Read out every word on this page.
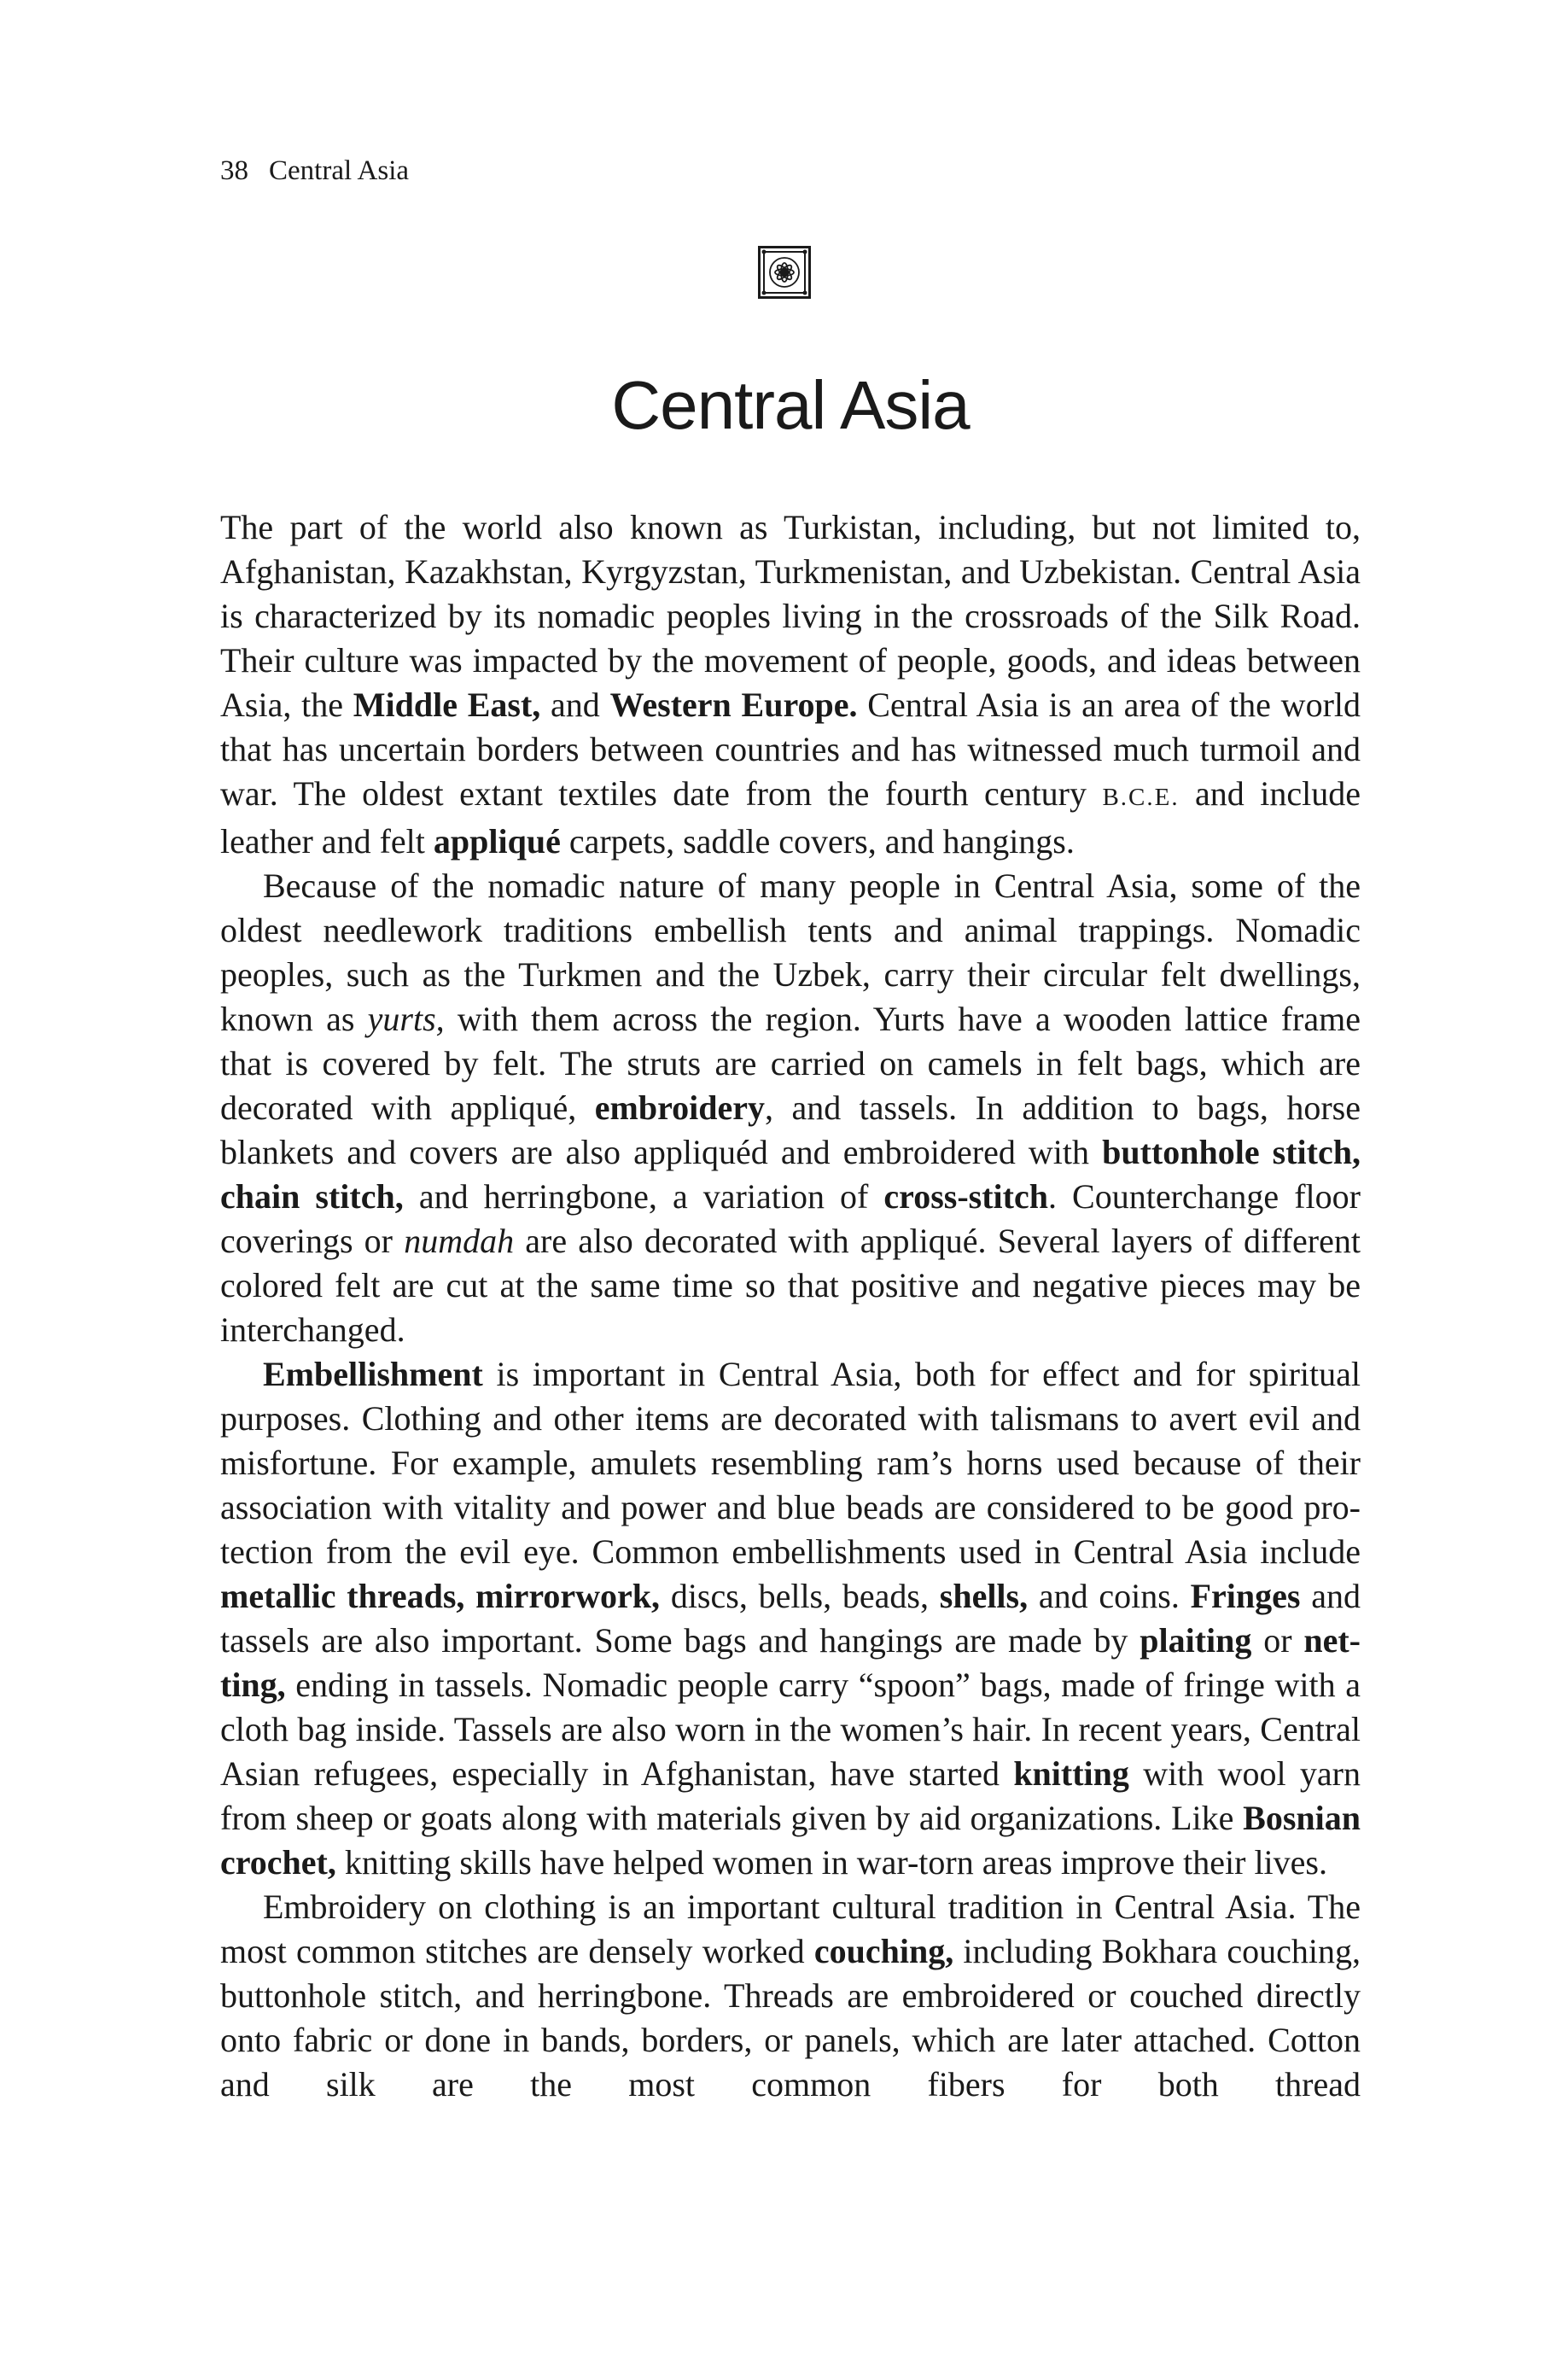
38 Central Asia
Central Asia

The part of the world also known as Turkistan, including, but not limited to, Afghanistan, Kazakhstan, Kyrgyzstan, Turkmenistan, and Uzbekistan. Central Asia is characterized by its nomadic peoples living in the crossroads of the Silk Road. Their culture was impacted by the movement of people, goods, and ideas between Asia, the Middle East, and Western Europe. Central Asia is an area of the world that has uncertain borders between countries and has witnessed much turmoil and war. The oldest extant textiles date from the fourth century B.C.E. and include leather and felt appliqué carpets, saddle covers, and hangings.

Because of the nomadic nature of many people in Central Asia, some of the oldest needlework traditions embellish tents and animal trappings. Nomadic peoples, such as the Turkmen and the Uzbek, carry their circular felt dwellings, known as yurts, with them across the region. Yurts have a wooden lattice frame that is covered by felt. The struts are carried on camels in felt bags, which are decorated with appliqué, embroidery, and tassels. In addition to bags, horse blankets and covers are also appliquéd and embroidered with buttonhole stitch, chain stitch, and herringbone, a variation of cross-stitch. Counterchange floor coverings or numdah are also decorated with appliqué. Several layers of different colored felt are cut at the same time so that positive and negative pieces may be interchanged.

Embellishment is important in Central Asia, both for effect and for spiritual purposes. Clothing and other items are decorated with talismans to avert evil and misfortune. For example, amulets resembling ram’s horns used because of their association with vitality and power and blue beads are considered to be good protection from the evil eye. Common embellishments used in Central Asia include metallic threads, mirrorwork, discs, bells, beads, shells, and coins. Fringes and tassels are also important. Some bags and hangings are made by plaiting or netting, ending in tassels. Nomadic people carry “spoon” bags, made of fringe with a cloth bag inside. Tassels are also worn in the women’s hair. In recent years, Central Asian refugees, especially in Afghanistan, have started knitting with wool yarn from sheep or goats along with materials given by aid organizations. Like Bosnian crochet, knitting skills have helped women in war-torn areas improve their lives.

Embroidery on clothing is an important cultural tradition in Central Asia. The most common stitches are densely worked couching, including Bokhara couching, buttonhole stitch, and herringbone. Threads are embroidered or couched directly onto fabric or done in bands, borders, or panels, which are later attached. Cotton and silk are the most common fibers for both thread
